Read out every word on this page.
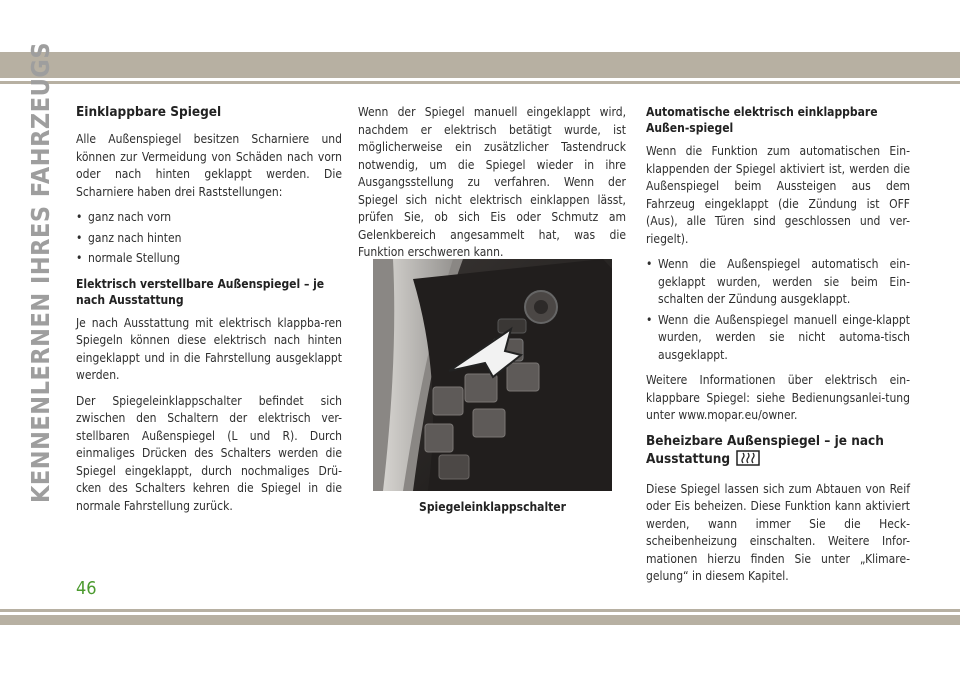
KENNENLERNEN IHRES FAHRZEUGS Einklappbare Spiegel

Alle Außenspiegel besitzen Scharniere und können zur Vermeidung von Schäden nach vorn oder nach hinten geklappt werden. Die Scharniere haben drei Raststellungen:

• ganz nach vorn
• ganz nach hinten
• normale Stellung
Elektrisch verstellbare Außenspiegel – je nach Ausstattung

Je nach Ausstattung mit elektrisch klappba-ren Spiegeln können diese elektrisch nach hinten eingeklappt und in die Fahrstellung ausgeklappt werden.

Der Spiegeleinklappschalter befindet sich zwischen den Schaltern der elektrisch ver-stellbaren Außenspiegel (L und R). Durch einmaliges Drücken des Schalters werden die Spiegel eingeklappt, durch nochmaliges Drü-cken des Schalters kehren die Spiegel in die normale Fahrstellung zurück.

Wenn der Spiegel manuell eingeklappt wird, nachdem er elektrisch betätigt wurde, ist möglicherweise ein zusätzlicher Tastendruck notwendig, um die Spiegel wieder in ihre Ausgangsstellung zu verfahren. Wenn der Spiegel sich nicht elektrisch einklappen lässt, prüfen Sie, ob sich Eis oder Schmutz am Gelenkbereich angesammelt hat, was die Funktion erschweren kann.

Spiegeleinklappschalter
Automatische elektrisch einklappbare Außen-spiegel

Wenn die Funktion zum automatischen Ein-klappenden der Spiegel aktiviert ist, werden die Außenspiegel beim Aussteigen aus dem Fahrzeug eingeklappt (die Zündung ist OFF (Aus), alle Türen sind geschlossen und ver-riegelt).

• Wenn die Außenspiegel automatisch ein-geklappt wurden, werden sie beim Ein-schalten der Zündung ausgeklappt.
• Wenn die Außenspiegel manuell einge-klappt wurden, werden sie nicht automa-tisch ausgeklappt.

Weitere Informationen über elektrisch ein-klappbare Spiegel: siehe Bedienungsanlei-tung unter www.mopar.eu/owner.

Beheizbare Außenspiegel – je nach Ausstattung

Diese Spiegel lassen sich zum Abtauen von Reif oder Eis beheizen. Diese Funktion kann aktiviert werden, wann immer Sie die Heck-scheibenheizung einschalten. Weitere Infor-mationen hierzu finden Sie unter „Klimare-gelung“ in diesem Kapitel.

46
